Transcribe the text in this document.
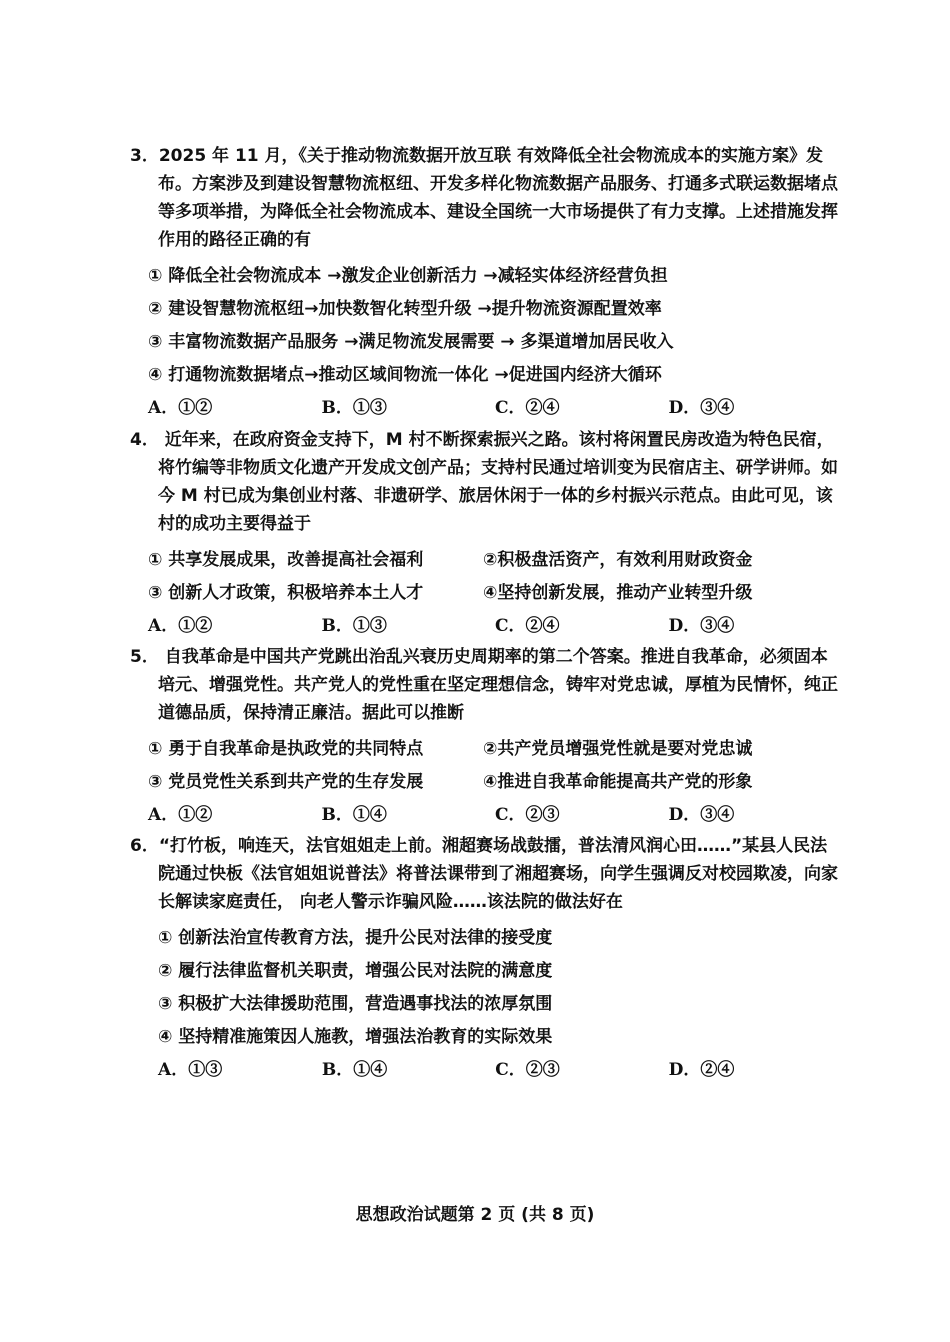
3．2025 年 11 月，《关于推动物流数据开放互联 有效降低全社会物流成本的实施方案》发布。方案涉及到建设智慧物流枢纽、开发多样化物流数据产品服务、打通多式联运数据堵点等多项举措，为降低全社会物流成本、建设全国统一大市场提供了有力支撑。上述措施发挥作用的路径正确的有

① 降低全社会物流成本 →激发企业创新活力 →减轻实体经济经营负担

② 建设智慧物流枢纽→加快数智化转型升级 →提升物流资源配置效率

③ 丰富物流数据产品服务 →满足物流发展需要 → 多渠道增加居民收入

④ 打通物流数据堵点→推动区域间物流一体化 →促进国内经济大循环

A．①②	B．①③	C．②④	D．③④

4． 近年来，在政府资金支持下，M 村不断探索振兴之路。该村将闲置民房改造为特色民宿，将竹编等非物质文化遗产开发成文创产品；支持村民通过培训变为民宿店主、研学讲师。如今 M 村已成为集创业村落、非遗研学、旅居休闲于一体的乡村振兴示范点。由此可见，该村的成功主要得益于

① 共享发展成果，改善提高社会福利	②积极盘活资产，有效利用财政资金
③ 创新人才政策，积极培养本土人才	④坚持创新发展，推动产业转型升级
A．①②	B．①③	C．②④	D．③④

5． 自我革命是中国共产党跳出治乱兴衰历史周期率的第二个答案。推进自我革命，必须固本培元、增强党性。共产党人的党性重在坚定理想信念，铸牢对党忠诚，厚植为民情怀，纯正道德品质，保持清正廉洁。据此可以推断

① 勇于自我革命是执政党的共同特点	②共产党员增强党性就是要对党忠诚
③ 党员党性关系到共产党的生存发展	④推进自我革命能提高共产党的形象
A．①②	B．①④	C．②③	D．③④

6．“打竹板，响连天，法官姐姐走上前。湘超赛场战鼓擂，普法清风润心田……”某县人民法院通过快板《法官姐姐说普法》将普法课带到了湘超赛场，向学生强调反对校园欺凌，向家长解读家庭责任， 向老人警示诈骗风险……该法院的做法好在

① 创新法治宣传教育方法，提升公民对法律的接受度

② 履行法律监督机关职责，增强公民对法院的满意度

③ 积极扩大法律援助范围，营造遇事找法的浓厚氛围

④ 坚持精准施策因人施教，增强法治教育的实际效果

A．①③	B．①④	C．②③	D．②④
思想政治试题第 2 页 (共 8 页)
